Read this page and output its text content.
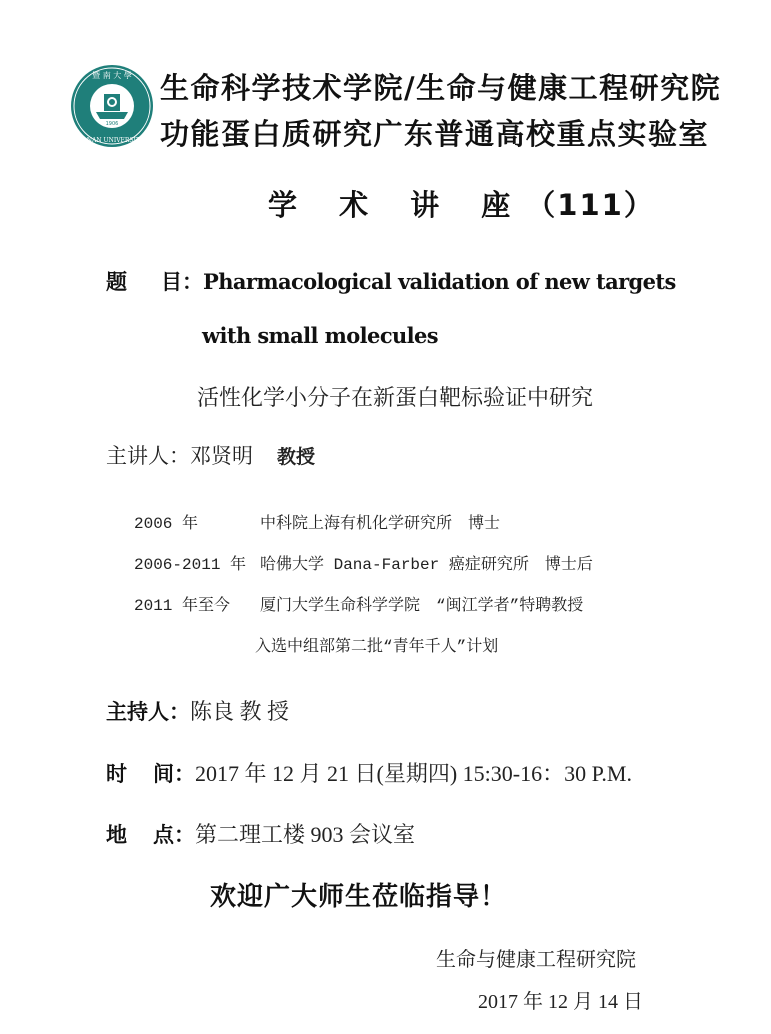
1906
暨 南 大 學
JI NAN UNIVERSITY
生命科学技术学院/生命与健康工程研究院
功能蛋白质研究广东普通高校重点实验室
学 术 讲 座（111）
题 目：Pharmacological validation of new targets
with small molecules
活性化学小分子在新蛋白靶标验证中研究
主讲人：邓贤明 教授
2006 年	中科院上海有机化学研究所　博士
2006-2011 年 哈佛大学 Dana-Farber 癌症研究所　博士后
2011 年至今 厦门大学生命科学学院　“闽江学者”特聘教授
入选中组部第二批“青年千人”计划
主持人：陈良 教 授
时 间：2017 年 12 月 21 日(星期四) 15:30-16：30 P.M.
地 点：第二理工楼 903 会议室
欢迎广大师生莅临指导！
生命与健康工程研究院
2017 年 12 月 14 日
